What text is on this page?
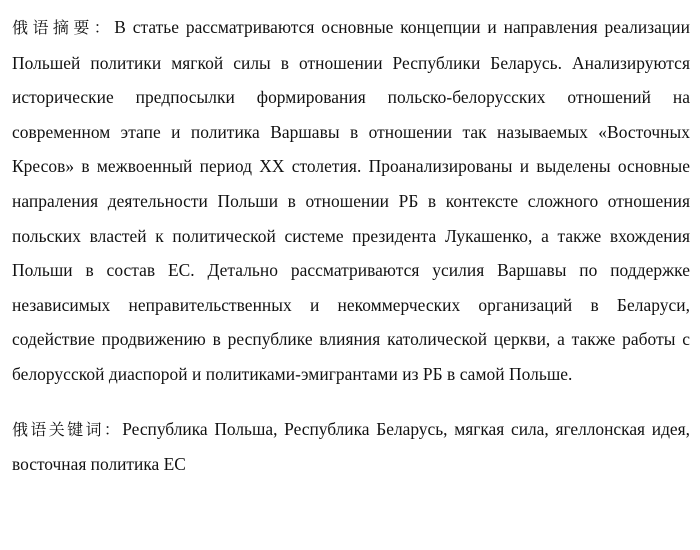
俄语摘要：В статье рассматриваются основные концепции и направления реализации Польшей политики мягкой силы в отношении Республики Беларусь. Анализируются исторические предпосылки формирования польско-белорусских отношений на современном этапе и политика Варшавы в отношении так называемых «Восточных Кресов» в межвоенный период XX столетия. Проанализированы и выделены основные напраления деятельности Польши в отношении РБ в контексте сложного отношения польских властей к политической системе президента Лукашенко, а также вхождения Польши в состав ЕС. Детально рассматриваются усилия Варшавы по поддержке независимых неправительственных и некоммерческих организаций в Беларуси, содействие продвижению в республике влияния католической церкви, а также работы с белорусской диаспорой и политиками-эмигрантами из РБ в самой Польше.

俄语关键词：Республика Польша, Республика Беларусь, мягкая сила, ягеллонская идея, восточная политика ЕС
